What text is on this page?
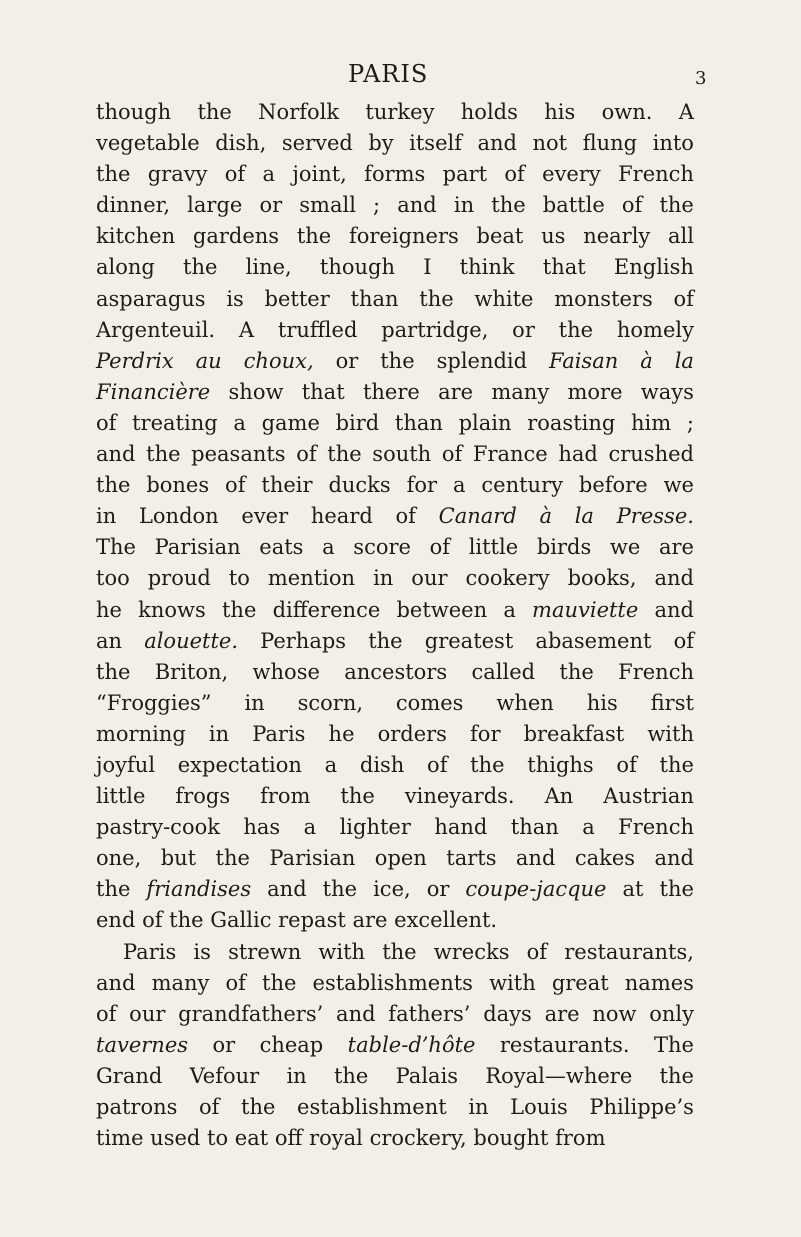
PARIS	3
though the Norfolk turkey holds his own. A
vegetable dish, served by itself and not flung into
the gravy of a joint, forms part of every French
dinner, large or small ; and in the battle of the
kitchen gardens the foreigners beat us nearly all
along the line, though I think that English
asparagus is better than the white monsters of
Argenteuil. A truffled partridge, or the homely
Perdrix au choux, or the splendid Faisan à la
Financière show that there are many more ways
of treating a game bird than plain roasting him ;
and the peasants of the south of France had crushed
the bones of their ducks for a century before we
in London ever heard of Canard à la Presse.
The Parisian eats a score of little birds we are
too proud to mention in our cookery books, and
he knows the difference between a mauviette and
an alouette. Perhaps the greatest abasement of
the Briton, whose ancestors called the French
“Froggies” in scorn, comes when his first
morning in Paris he orders for breakfast with
joyful expectation a dish of the thighs of the
little frogs from the vineyards. An Austrian
pastry-cook has a lighter hand than a French
one, but the Parisian open tarts and cakes and
the friandises and the ice, or coupe-jacque at the
end of the Gallic repast are excellent.
Paris is strewn with the wrecks of restaurants,
and many of the establishments with great names
of our grandfathers’ and fathers’ days are now only
tavernes or cheap table-d’hôte restaurants. The
Grand Vefour in the Palais Royal—where the
patrons of the establishment in Louis Philippe’s
time used to eat off royal crockery, bought from
